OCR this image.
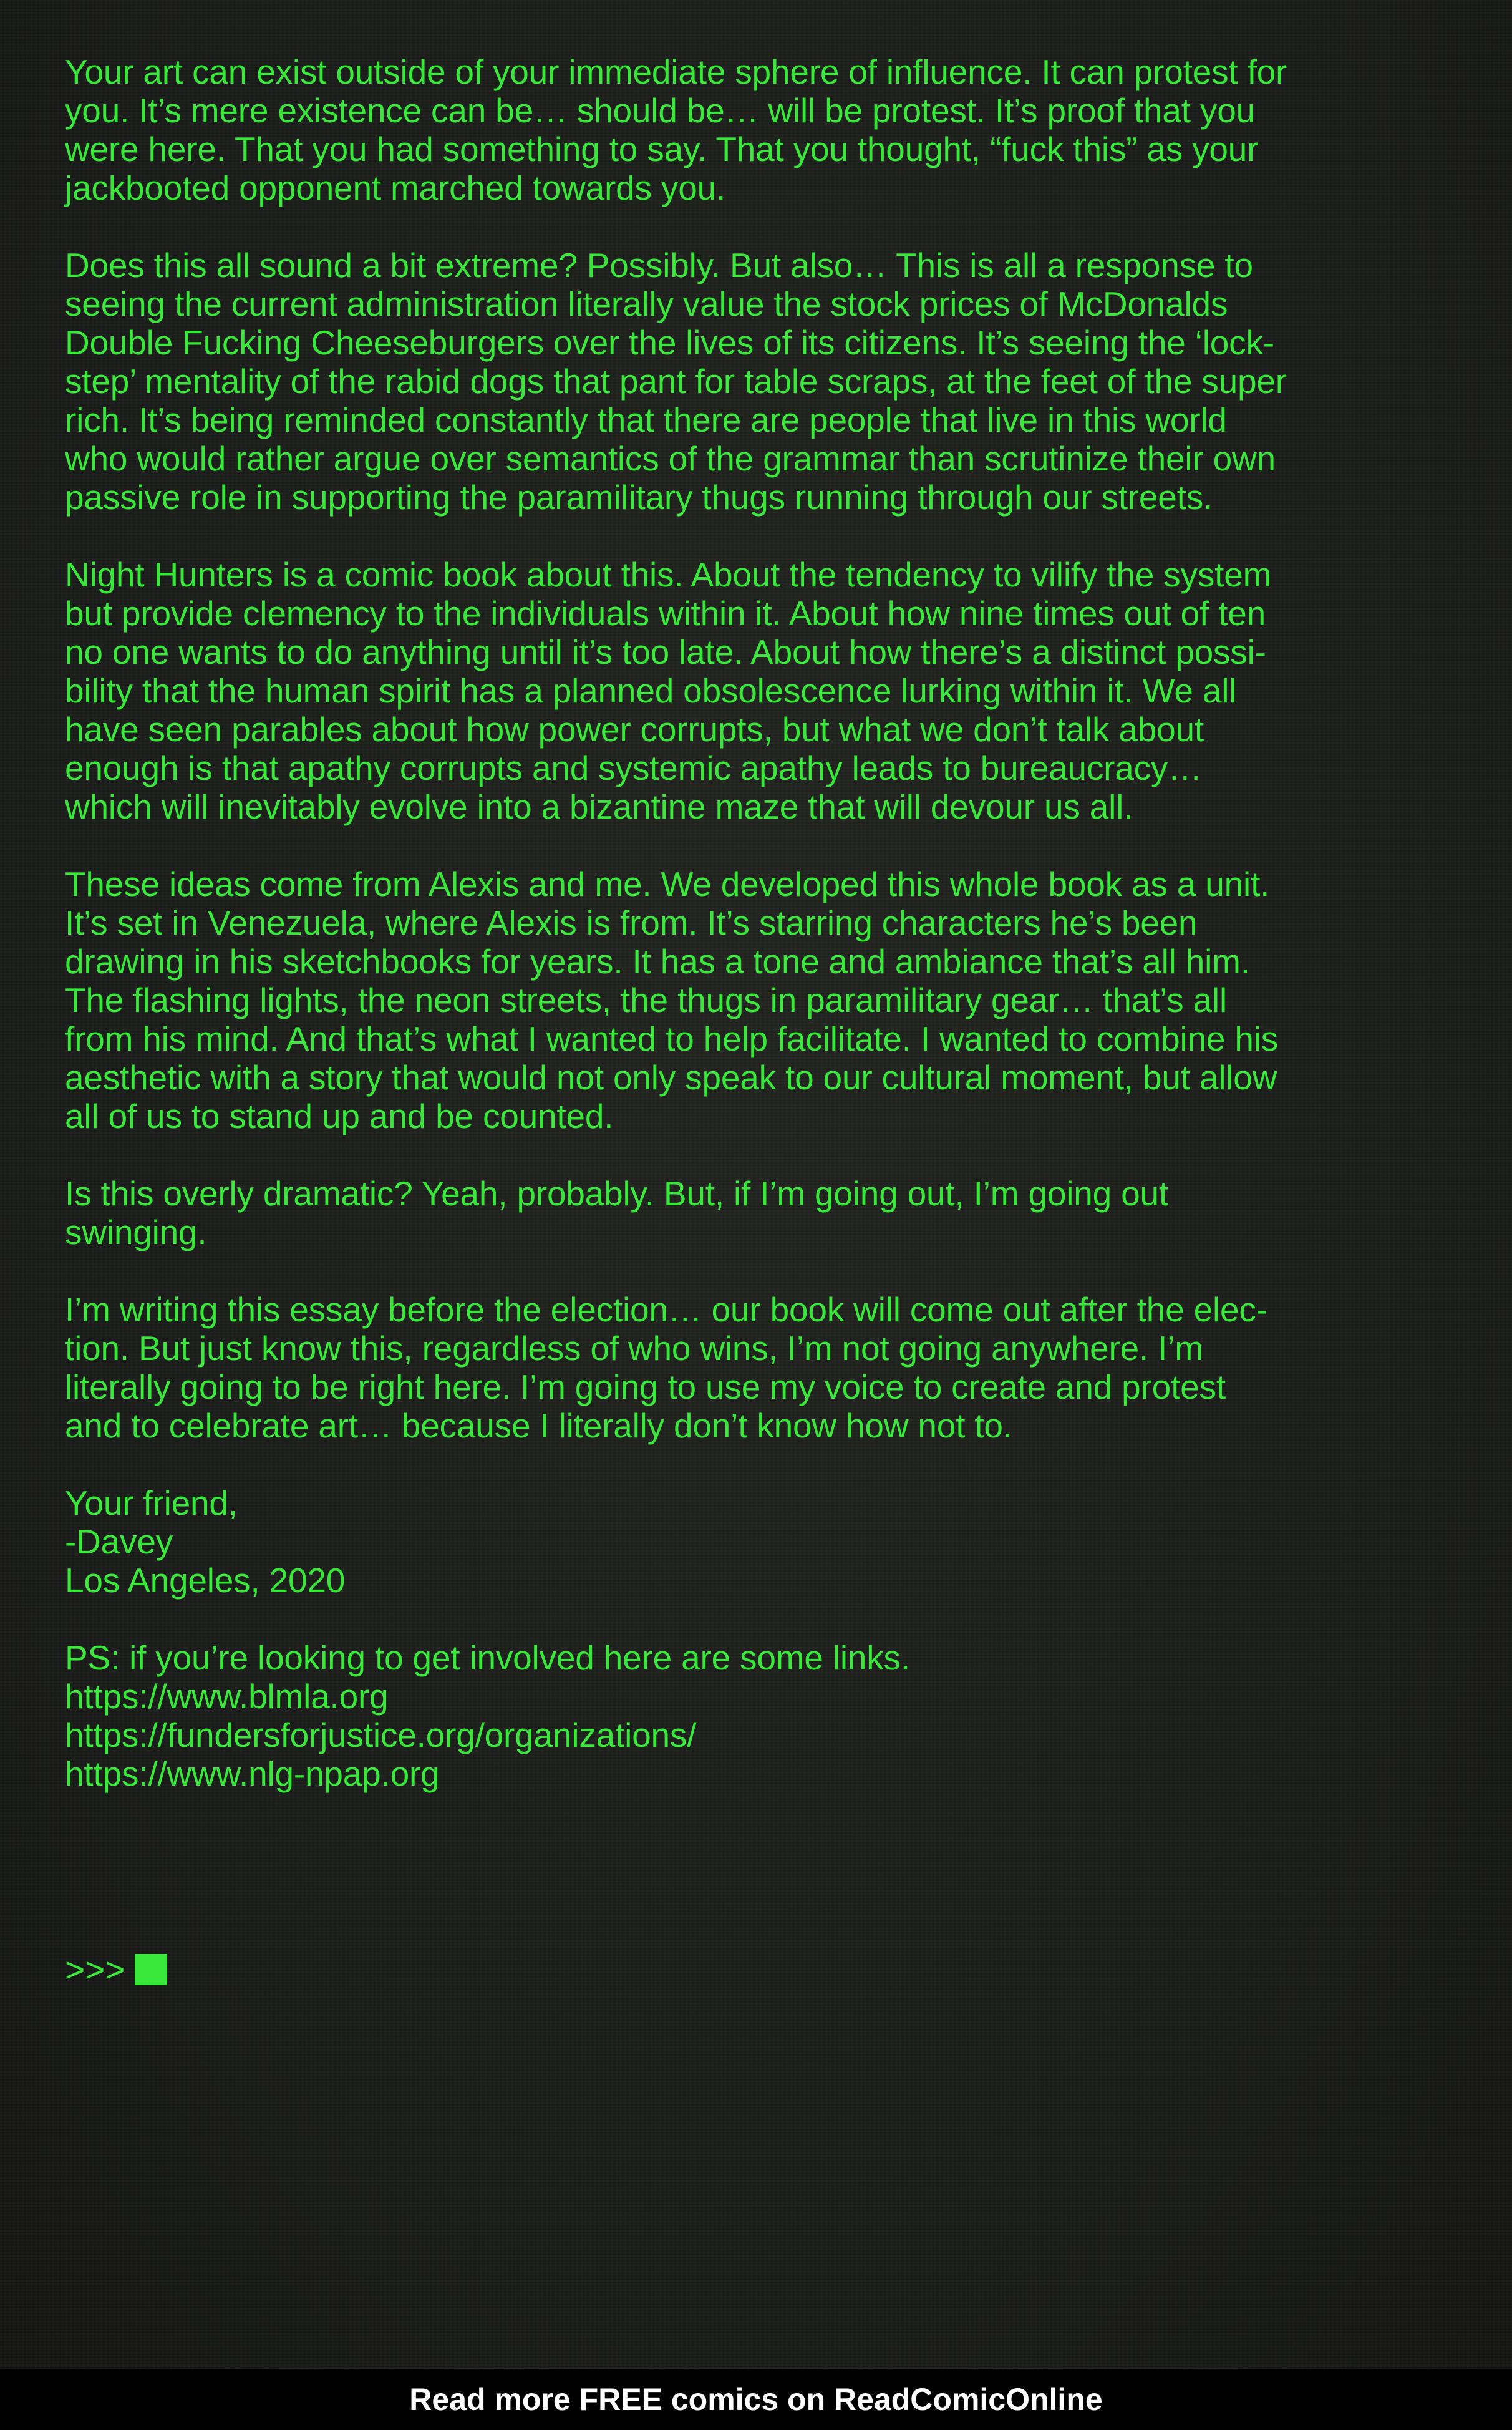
Your art can exist outside of your immediate sphere of influence. It can protest for
you. It’s mere existence can be… should be… will be protest. It’s proof that you
were here. That you had something to say. That you thought, “fuck this” as your
jackbooted opponent marched towards you.

Does this all sound a bit extreme? Possibly. But also… This is all a response to
seeing the current administration literally value the stock prices of McDonalds
Double Fucking Cheeseburgers over the lives of its citizens. It’s seeing the ‘lock-
step’ mentality of the rabid dogs that pant for table scraps, at the feet of the super
rich. It’s being reminded constantly that there are people that live in this world
who would rather argue over semantics of the grammar than scrutinize their own
passive role in supporting the paramilitary thugs running through our streets.

Night Hunters is a comic book about this. About the tendency to vilify the system
but provide clemency to the individuals within it. About how nine times out of ten
no one wants to do anything until it’s too late. About how there’s a distinct possi-
bility that the human spirit has a planned obsolescence lurking within it. We all
have seen parables about how power corrupts, but what we don’t talk about
enough is that apathy corrupts and systemic apathy leads to bureaucracy…
which will inevitably evolve into a bizantine maze that will devour us all.

These ideas come from Alexis and me. We developed this whole book as a unit.
It’s set in Venezuela, where Alexis is from. It’s starring characters he’s been
drawing in his sketchbooks for years. It has a tone and ambiance that’s all him.
The flashing lights, the neon streets, the thugs in paramilitary gear… that’s all
from his mind. And that’s what I wanted to help facilitate. I wanted to combine his
aesthetic with a story that would not only speak to our cultural moment, but allow
all of us to stand up and be counted.

Is this overly dramatic? Yeah, probably. But, if I’m going out, I’m going out
swinging.

I’m writing this essay before the election… our book will come out after the elec-
tion. But just know this, regardless of who wins, I’m not going anywhere. I’m
literally going to be right here. I’m going to use my voice to create and protest
and to celebrate art… because I literally don’t know how not to.

Your friend,
-Davey
Los Angeles, 2020

PS: if you’re looking to get involved here are some links.
https://www.blmla.org
https://fundersforjustice.org/organizations/
https://www.nlg-npap.org

>>>
Read more FREE comics on ReadComicOnline
